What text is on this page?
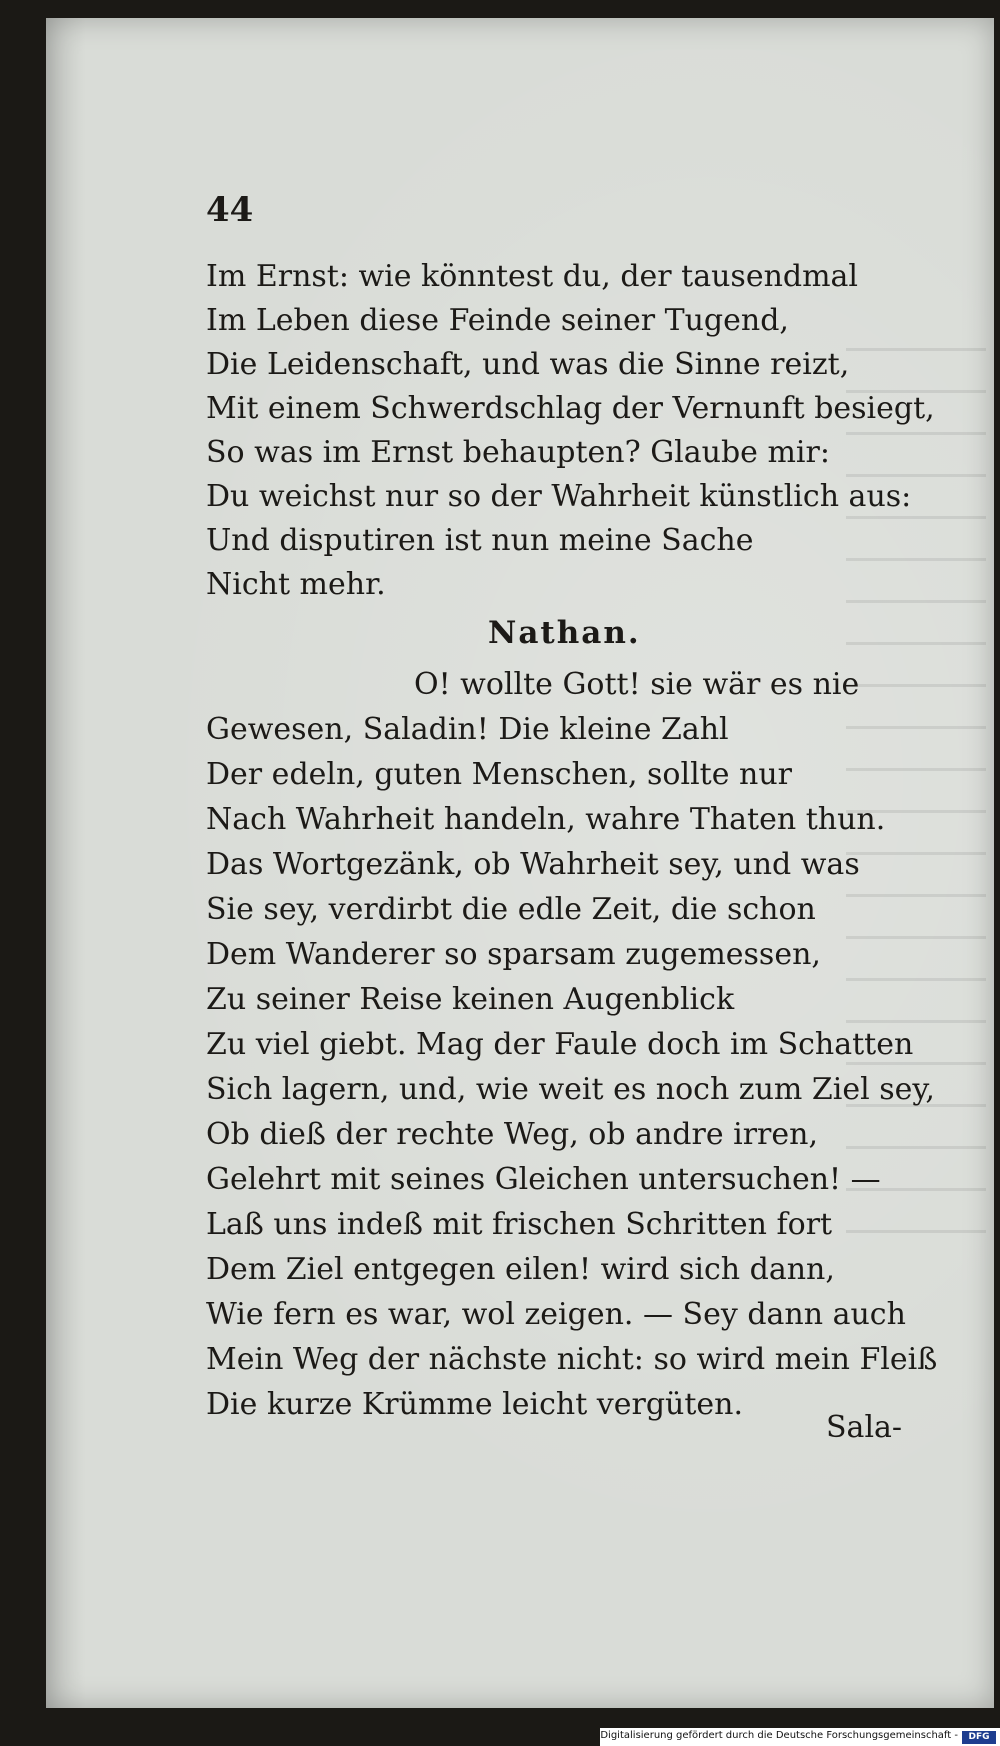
44
Im Ernst: wie könntest du, der tausendmal
Im Leben diese Feinde seiner Tugend,
Die Leidenschaft, und was die Sinne reizt,
Mit einem Schwerdschlag der Vernunft besiegt,
So was im Ernst behaupten? Glaube mir:
Du weichst nur so der Wahrheit künstlich aus:
Und disputiren ist nun meine Sache
Nicht mehr.
Nathan.
O! wollte Gott! sie wär es nie
Gewesen, Saladin! Die kleine Zahl
Der edeln, guten Menschen, sollte nur
Nach Wahrheit handeln, wahre Thaten thun.
Das Wortgezänk, ob Wahrheit sey, und was
Sie sey, verdirbt die edle Zeit, die schon
Dem Wanderer so sparsam zugemessen,
Zu seiner Reise keinen Augenblick
Zu viel giebt. Mag der Faule doch im Schatten
Sich lagern, und, wie weit es noch zum Ziel sey,
Ob dieß der rechte Weg, ob andre irren,
Gelehrt mit seines Gleichen untersuchen! —
Laß uns indeß mit frischen Schritten fort
Dem Ziel entgegen eilen! wird sich dann,
Wie fern es war, wol zeigen. — Sey dann auch
Mein Weg der nächste nicht: so wird mein Fleiß
Die kurze Krümme leicht vergüten.
Sala-
Digitalisierung gefördert durch die Deutsche Forschungsgemeinschaft -	DFG
